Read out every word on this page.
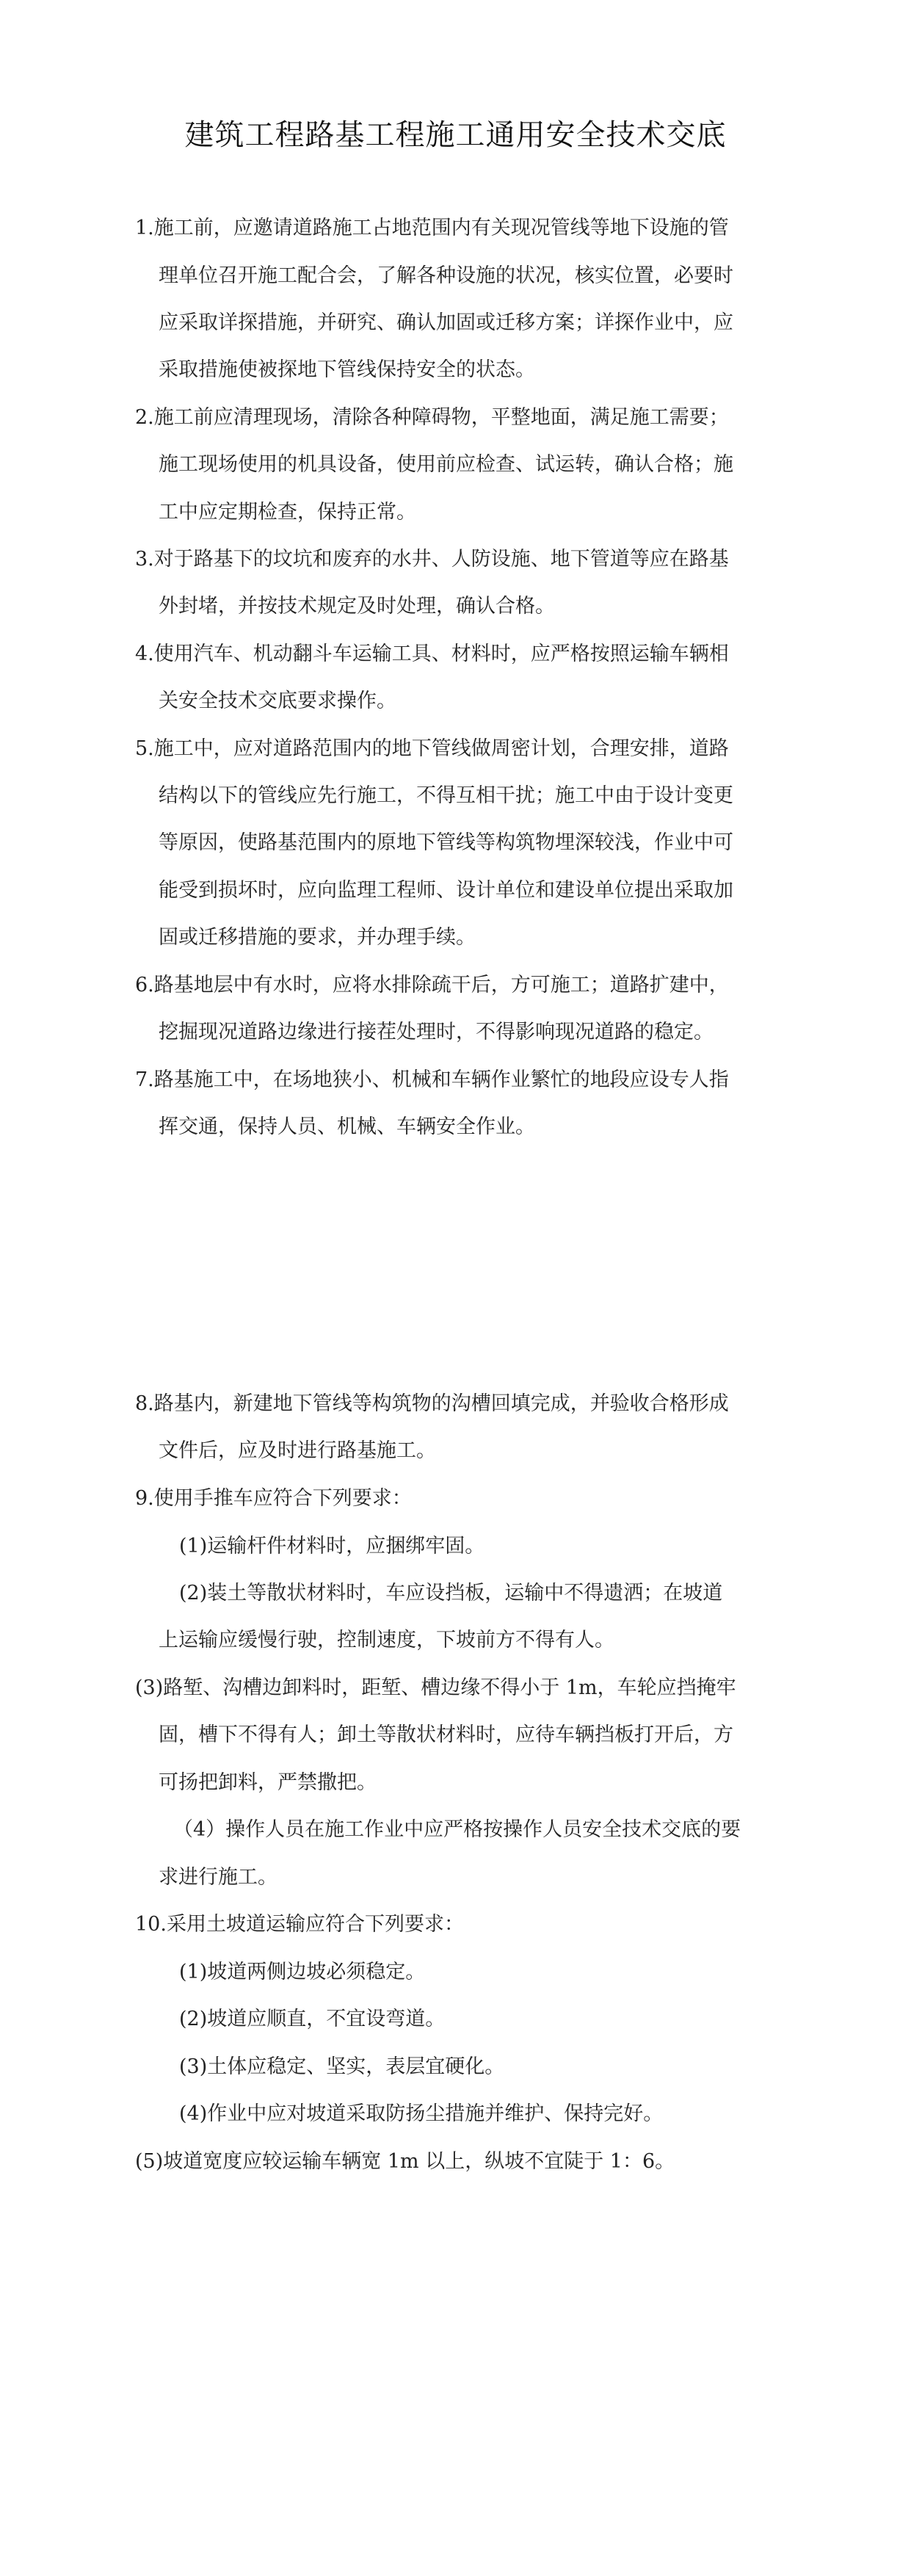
建筑工程路基工程施工通用安全技术交底

1.施工前，应邀请道路施工占地范围内有关现况管线等地下设施的管

理单位召开施工配合会，了解各种设施的状况，核实位置，必要时

应采取详探措施，并研究、确认加固或迁移方案；详探作业中，应

采取措施使被探地下管线保持安全的状态。

2.施工前应清理现场，清除各种障碍物，平整地面，满足施工需要；

施工现场使用的机具设备，使用前应检查、试运转，确认合格；施

工中应定期检查，保持正常。

3.对于路基下的坟坑和废弃的水井、人防设施、地下管道等应在路基

外封堵，并按技术规定及时处理，确认合格。

4.使用汽车、机动翻斗车运输工具、材料时，应严格按照运输车辆相

关安全技术交底要求操作。

5.施工中，应对道路范围内的地下管线做周密计划，合理安排，道路

结构以下的管线应先行施工，不得互相干扰；施工中由于设计变更

等原因，使路基范围内的原地下管线等构筑物埋深较浅，作业中可

能受到损坏时，应向监理工程师、设计单位和建设单位提出采取加

固或迁移措施的要求，并办理手续。

6.路基地层中有水时，应将水排除疏干后，方可施工；道路扩建中，

挖掘现况道路边缘进行接茬处理时，不得影响现况道路的稳定。

7.路基施工中，在场地狭小、机械和车辆作业繁忙的地段应设专人指

挥交通，保持人员、机械、车辆安全作业。

8.路基内，新建地下管线等构筑物的沟槽回填完成，并验收合格形成

文件后，应及时进行路基施工。

9.使用手推车应符合下列要求：

(1)运输杆件材料时，应捆绑牢固。

(2)装土等散状材料时，车应设挡板，运输中不得遗洒；在坡道

上运输应缓慢行驶，控制速度，下坡前方不得有人。

(3)路堑、沟槽边卸料时，距堑、槽边缘不得小于 1m，车轮应挡掩牢

固，槽下不得有人；卸土等散状材料时，应待车辆挡板打开后，方

可扬把卸料，严禁撒把。

（4）操作人员在施工作业中应严格按操作人员安全技术交底的要

求进行施工。

10.采用土坡道运输应符合下列要求：

(1)坡道两侧边坡必须稳定。

(2)坡道应顺直，不宜设弯道。

(3)土体应稳定、坚实，表层宜硬化。

(4)作业中应对坡道采取防扬尘措施并维护、保持完好。

(5)坡道宽度应较运输车辆宽 1m 以上，纵坡不宜陡于 1：6。
